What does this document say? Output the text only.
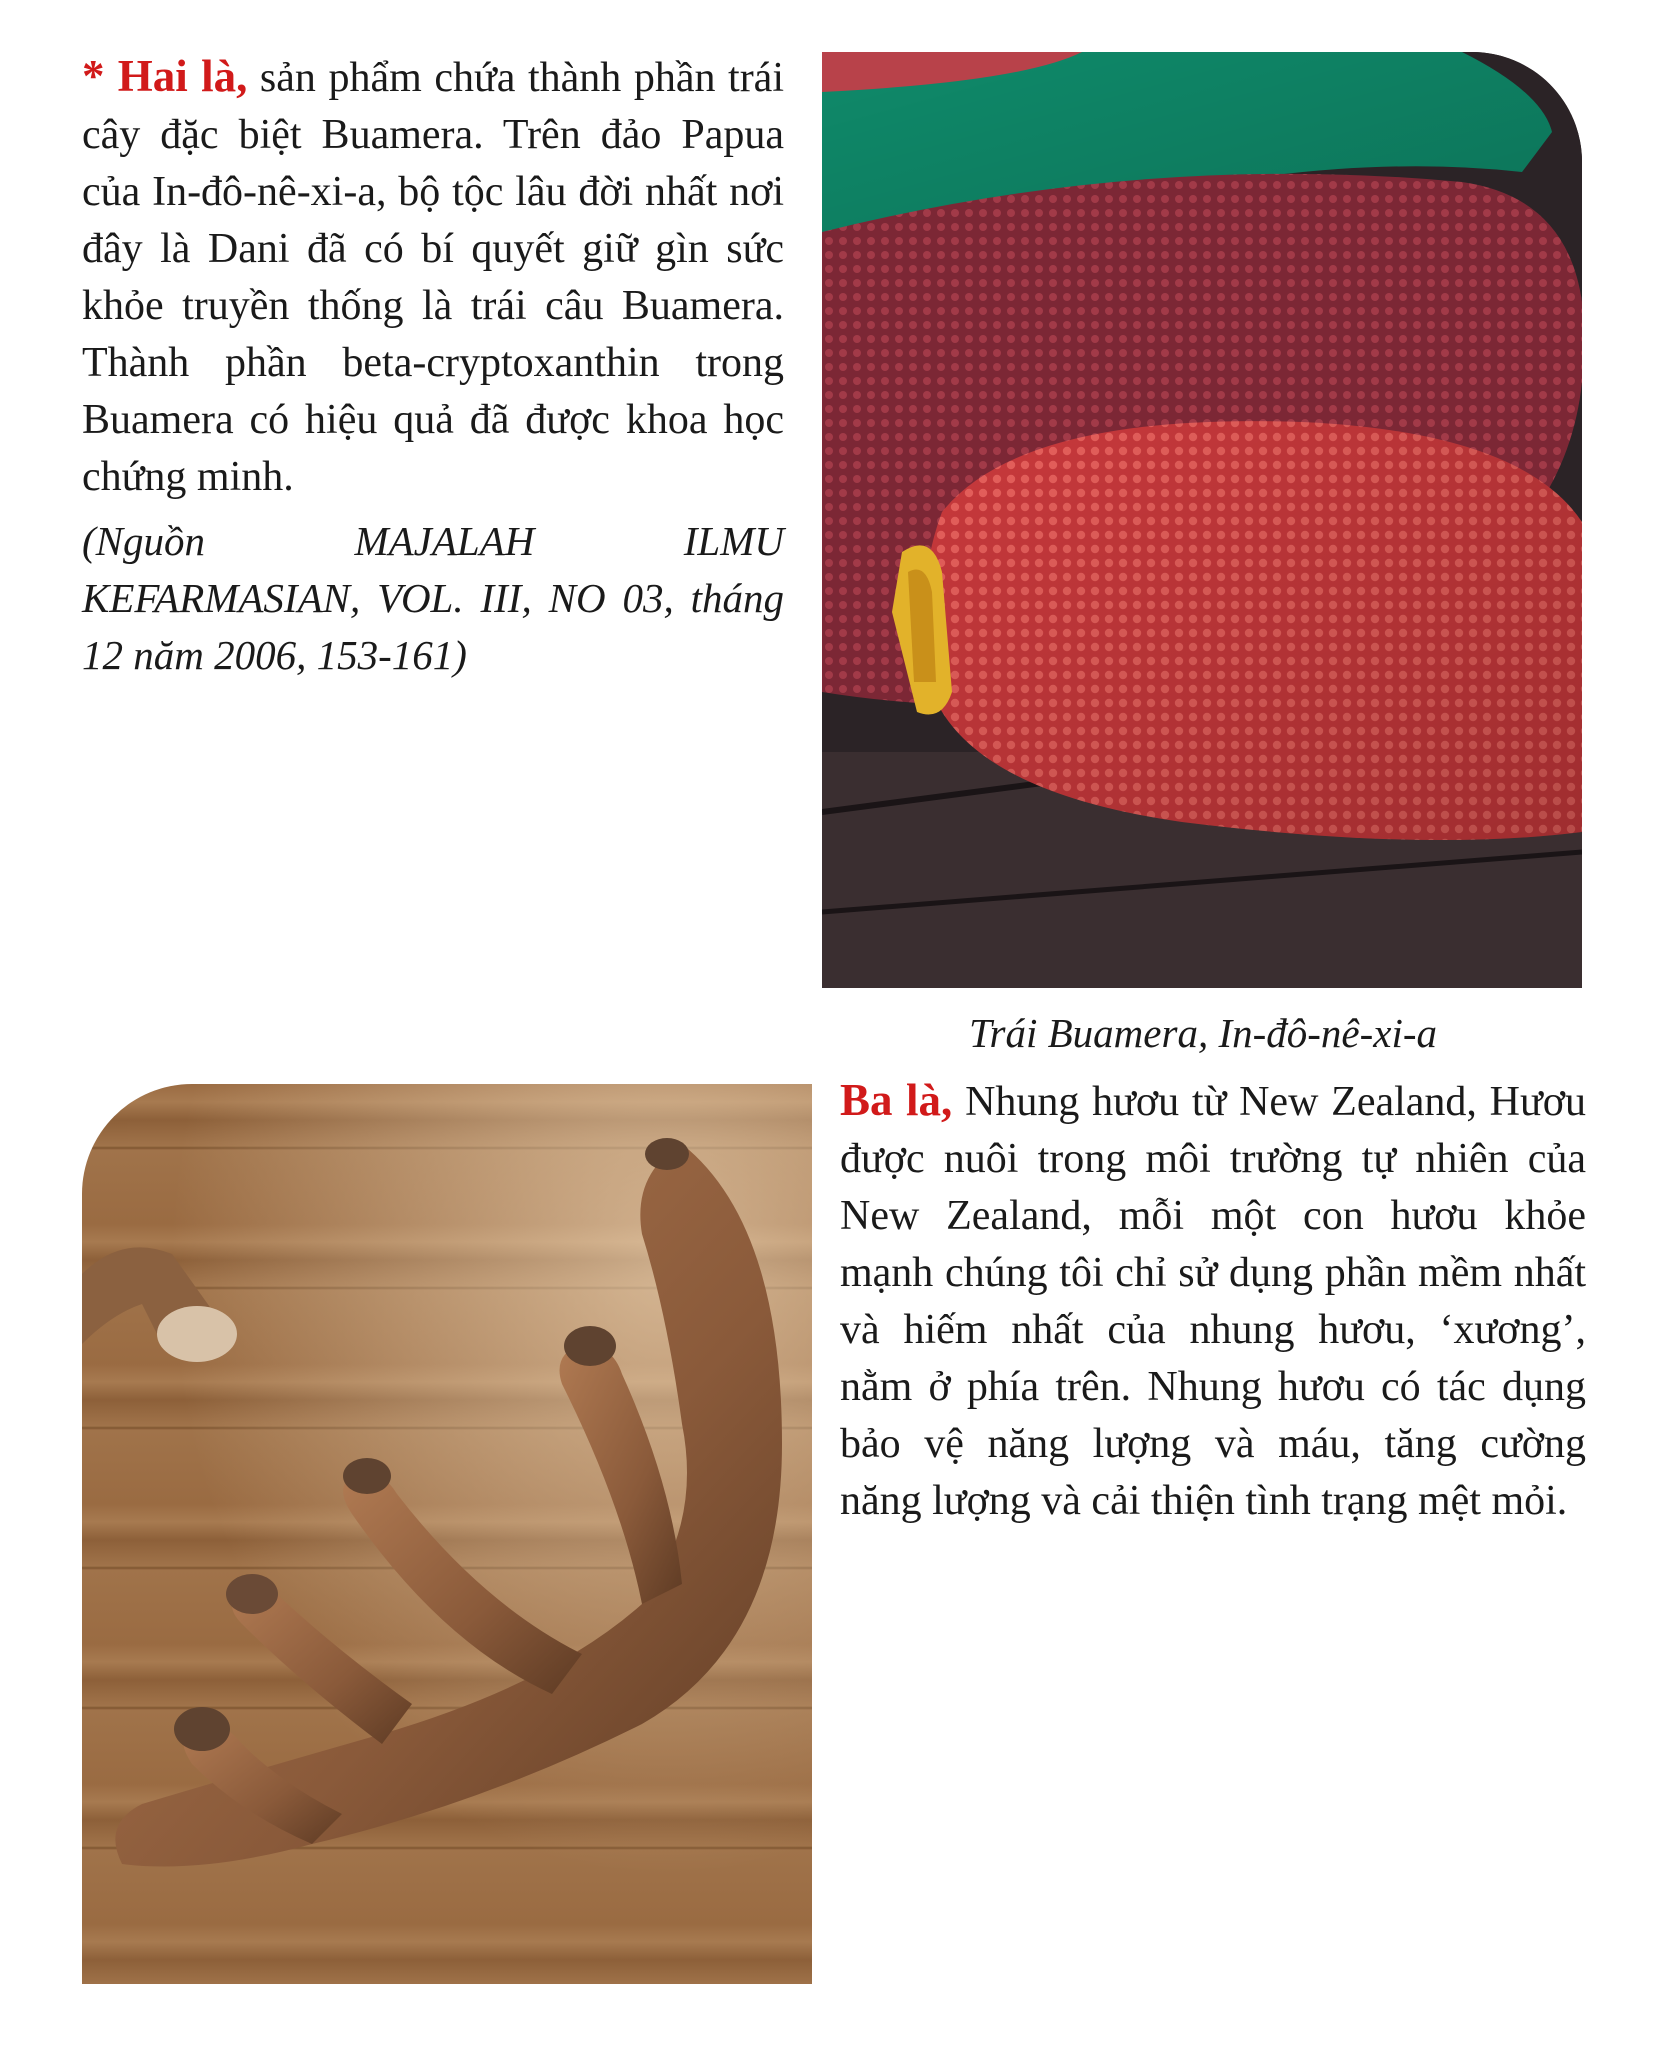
* Hai là, sản phẩm chứa thành phần trái cây đặc biệt Buamera. Trên đảo Papua của In-đô-nê-xi-a, bộ tộc lâu đời nhất nơi đây là Dani đã có bí quyết giữ gìn sức khỏe truyền thống là trái câu Buamera. Thành phần beta-cryptoxanthin trong Buamera có hiệu quả đã được khoa học chứng minh.

(Nguồn MAJALAH ILMU KEFARMASIAN, VOL. III, NO 03, tháng 12 năm 2006, 153-161)

Trái Buamera, In-đô-nê-xi-a

Ba là, Nhung hươu từ New Zealand, Hươu được nuôi trong môi trường tự nhiên của New Zealand, mỗi một con hươu khỏe mạnh chúng tôi chỉ sử dụng phần mềm nhất và hiếm nhất của nhung hươu, ‘xương’, nằm ở phía trên. Nhung hươu có tác dụng bảo vệ năng lượng và máu, tăng cường năng lượng và cải thiện tình trạng mệt mỏi.
